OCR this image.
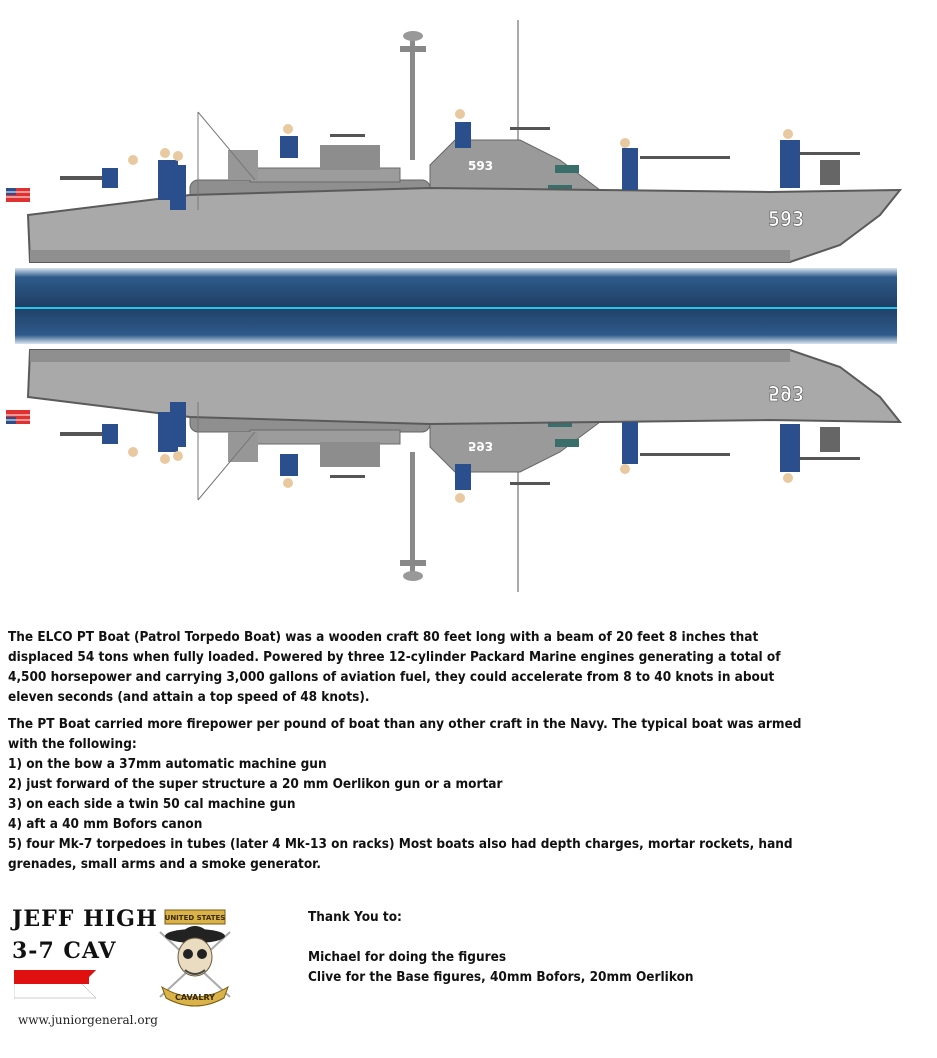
The ELCO PT Boat (Patrol Torpedo Boat) was a wooden craft 80 feet long with a beam of 20 feet 8 inches that
displaced 54 tons when fully loaded. Powered by three 12-cylinder Packard Marine engines generating a total of
4,500 horsepower and carrying 3,000 gallons of aviation fuel, they could accelerate from 8 to 40 knots in about
eleven seconds (and attain a top speed of 48 knots).
The PT Boat carried more firepower per pound of boat than any other craft in the Navy. The typical boat was armed
with the following:
1) on the bow a 37mm automatic machine gun
2) just forward of the super structure a 20 mm Oerlikon gun or a mortar
3) on each side a twin 50 cal machine gun
4) aft a 40 mm Bofors canon
5) four Mk-7 torpedoes in tubes (later 4 Mk-13 on racks) Most boats also had depth charges, mortar rockets, hand
grenades, small arms and a smoke generator.
JEFF HIGH
3-7 CAV
www.juniorgeneral.org
UNITED STATES
CAVALRY
Thank You to:
Michael for doing the figures
Clive for the Base figures, 40mm Bofors, 20mm Oerlikon
